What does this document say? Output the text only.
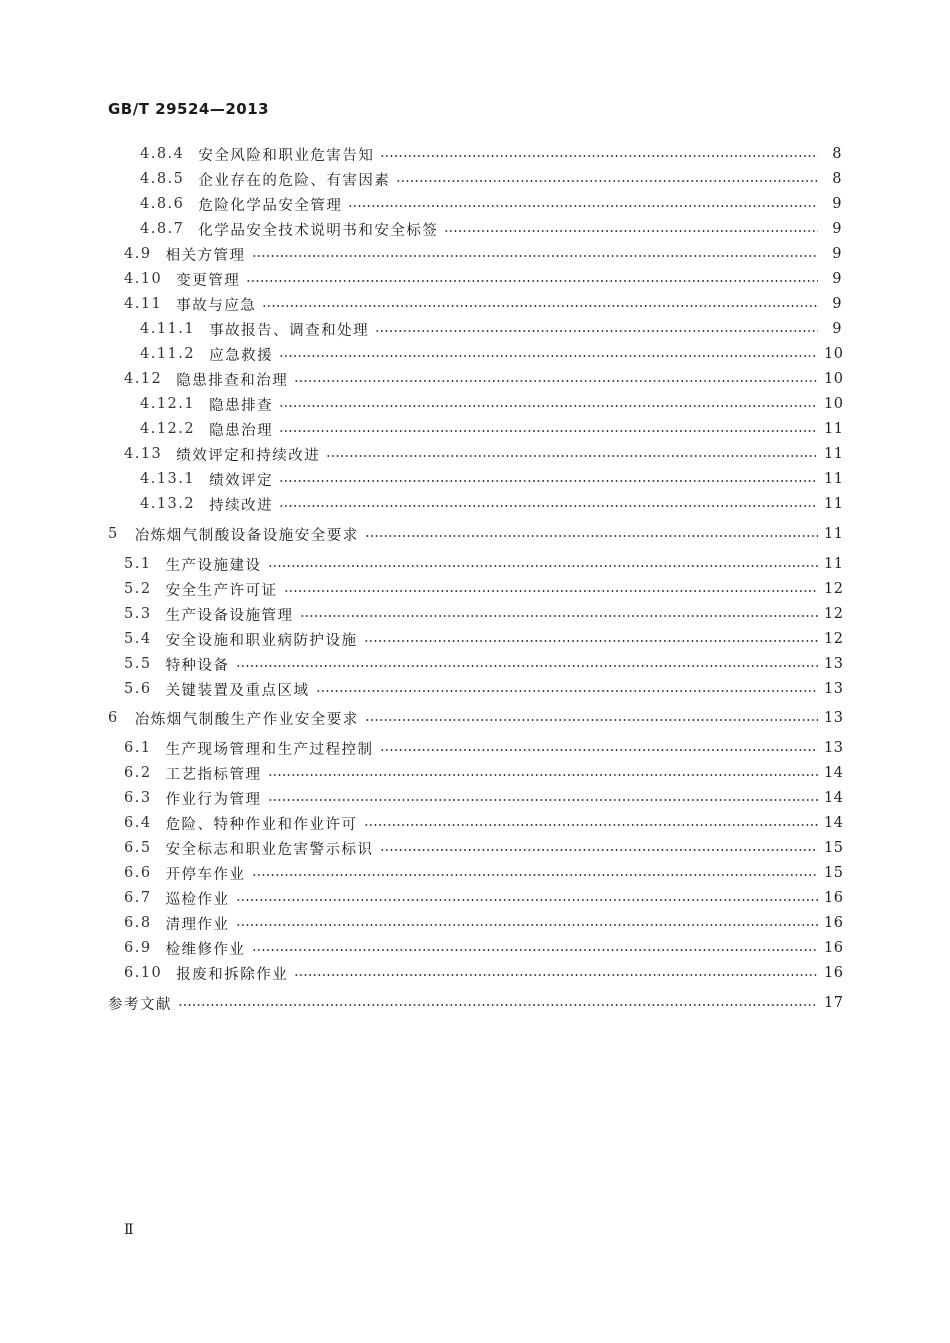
GB/T 29524—2013
4.8.4 安全风险和职业危害告知	8
4.8.5 企业存在的危险、有害因素	8
4.8.6 危险化学品安全管理	9
4.8.7 化学品安全技术说明书和安全标签	9
4.9 相关方管理	9
4.10 变更管理	9
4.11 事故与应急	9
4.11.1 事故报告、调查和处理	9
4.11.2 应急救援	10
4.12 隐患排查和治理	10
4.12.1 隐患排查	10
4.12.2 隐患治理	11
4.13 绩效评定和持续改进	11
4.13.1 绩效评定	11
4.13.2 持续改进	11
5 冶炼烟气制酸设备设施安全要求	11
5.1 生产设施建设	11
5.2 安全生产许可证	12
5.3 生产设备设施管理	12
5.4 安全设施和职业病防护设施	12
5.5 特种设备	13
5.6 关键装置及重点区域	13
6 冶炼烟气制酸生产作业安全要求	13
6.1 生产现场管理和生产过程控制	13
6.2 工艺指标管理	14
6.3 作业行为管理	14
6.4 危险、特种作业和作业许可	14
6.5 安全标志和职业危害警示标识	15
6.6 开停车作业	15
6.7 巡检作业	16
6.8 清理作业	16
6.9 检维修作业	16
6.10 报废和拆除作业	16
参考文献	17
Ⅱ
